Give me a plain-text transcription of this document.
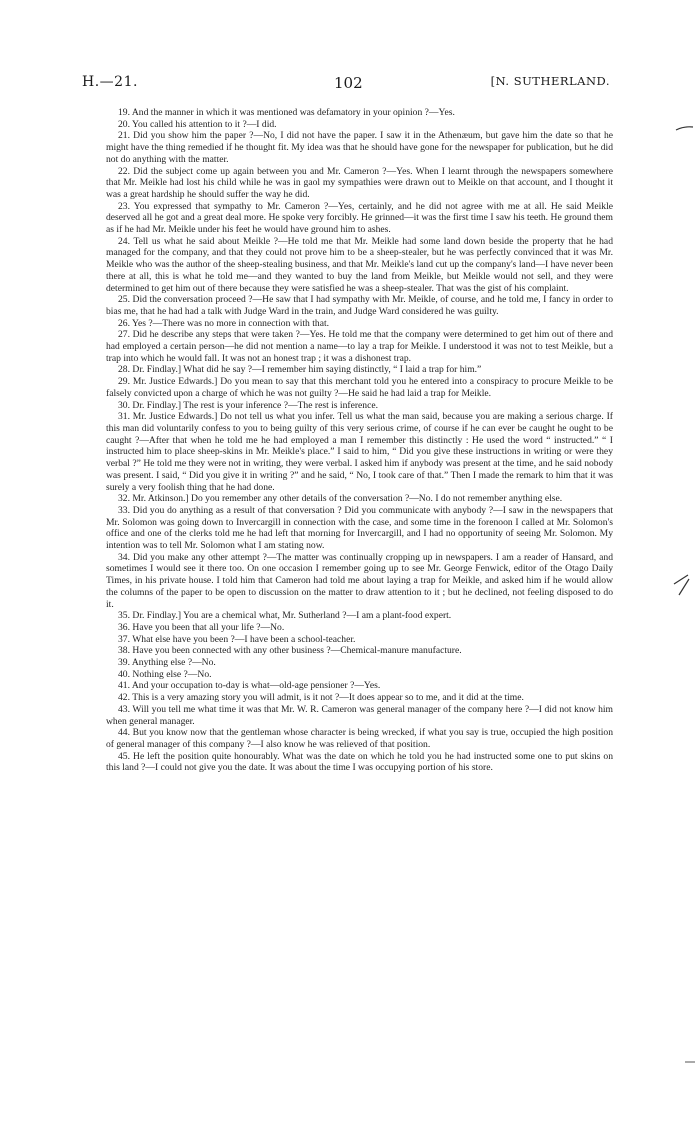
H.—21.	102	[N. SUTHERLAND.

19. And the manner in which it was mentioned was defamatory in your opinion ?—Yes.

20. You called his attention to it ?—I did.

21. Did you show him the paper ?—No, I did not have the paper. I saw it in the Athenæum, but gave him the date so that he might have the thing remedied if he thought fit. My idea was that he should have gone for the newspaper for publication, but he did not do anything with the matter.

22. Did the subject come up again between you and Mr. Cameron ?—Yes. When I learnt through the newspapers somewhere that Mr. Meikle had lost his child while he was in gaol my sympathies were drawn out to Meikle on that account, and I thought it was a great hardship he should suffer the way he did.

23. You expressed that sympathy to Mr. Cameron ?—Yes, certainly, and he did not agree with me at all. He said Meikle deserved all he got and a great deal more. He spoke very forcibly. He grinned—it was the first time I saw his teeth. He ground them as if he had Mr. Meikle under his feet he would have ground him to ashes.

24. Tell us what he said about Meikle ?—He told me that Mr. Meikle had some land down beside the property that he had managed for the company, and that they could not prove him to be a sheep-stealer, but he was perfectly convinced that it was Mr. Meikle who was the author of the sheep-stealing business, and that Mr. Meikle's land cut up the company's land—I have never been there at all, this is what he told me—and they wanted to buy the land from Meikle, but Meikle would not sell, and they were determined to get him out of there because they were satisfied he was a sheep-stealer. That was the gist of his complaint.

25. Did the conversation proceed ?—He saw that I had sympathy with Mr. Meikle, of course, and he told me, I fancy in order to bias me, that he had had a talk with Judge Ward in the train, and Judge Ward considered he was guilty.

26. Yes ?—There was no more in connection with that.

27. Did he describe any steps that were taken ?—Yes. He told me that the company were determined to get him out of there and had employed a certain person—he did not mention a name—to lay a trap for Meikle. I understood it was not to test Meikle, but a trap into which he would fall. It was not an honest trap ; it was a dishonest trap.

28. Dr. Findlay.] What did he say ?—I remember him saying distinctly, “ I laid a trap for him.”

29. Mr. Justice Edwards.] Do you mean to say that this merchant told you he entered into a conspiracy to procure Meikle to be falsely convicted upon a charge of which he was not guilty ?—He said he had laid a trap for Meikle.

30. Dr. Findlay.] The rest is your inference ?—The rest is inference.

31. Mr. Justice Edwards.] Do not tell us what you infer. Tell us what the man said, because you are making a serious charge. If this man did voluntarily confess to you to being guilty of this very serious crime, of course if he can ever be caught he ought to be caught ?—After that when he told me he had employed a man I remember this distinctly : He used the word “ instructed.” “ I instructed him to place sheep-skins in Mr. Meikle's place.” I said to him, “ Did you give these instructions in writing or were they verbal ?” He told me they were not in writing, they were verbal. I asked him if anybody was present at the time, and he said nobody was present. I said, “ Did you give it in writing ?” and he said, “ No, I took care of that.” Then I made the remark to him that it was surely a very foolish thing that he had done.

32. Mr. Atkinson.] Do you remember any other details of the conversation ?—No. I do not remember anything else.

33. Did you do anything as a result of that conversation ? Did you communicate with anybody ?—I saw in the newspapers that Mr. Solomon was going down to Invercargill in connection with the case, and some time in the forenoon I called at Mr. Solomon's office and one of the clerks told me he had left that morning for Invercargill, and I had no opportunity of seeing Mr. Solomon. My intention was to tell Mr. Solomon what I am stating now.

34. Did you make any other attempt ?—The matter was continually cropping up in newspapers. I am a reader of Hansard, and sometimes I would see it there too. On one occasion I remember going up to see Mr. George Fenwick, editor of the Otago Daily Times, in his private house. I told him that Cameron had told me about laying a trap for Meikle, and asked him if he would allow the columns of the paper to be open to discussion on the matter to draw attention to it ; but he declined, not feeling disposed to do it.

35. Dr. Findlay.] You are a chemical what, Mr. Sutherland ?—I am a plant-food expert.

36. Have you been that all your life ?—No.

37. What else have you been ?—I have been a school-teacher.

38. Have you been connected with any other business ?—Chemical-manure manufacture.

39. Anything else ?—No.

40. Nothing else ?—No.

41. And your occupation to-day is what—old-age pensioner ?—Yes.

42. This is a very amazing story you will admit, is it not ?—It does appear so to me, and it did at the time.

43. Will you tell me what time it was that Mr. W. R. Cameron was general manager of the company here ?—I did not know him when general manager.

44. But you know now that the gentleman whose character is being wrecked, if what you say is true, occupied the high position of general manager of this company ?—I also know he was relieved of that position.

45. He left the position quite honourably. What was the date on which he told you he had instructed some one to put skins on this land ?—I could not give you the date. It was about the time I was occupying portion of his store.
